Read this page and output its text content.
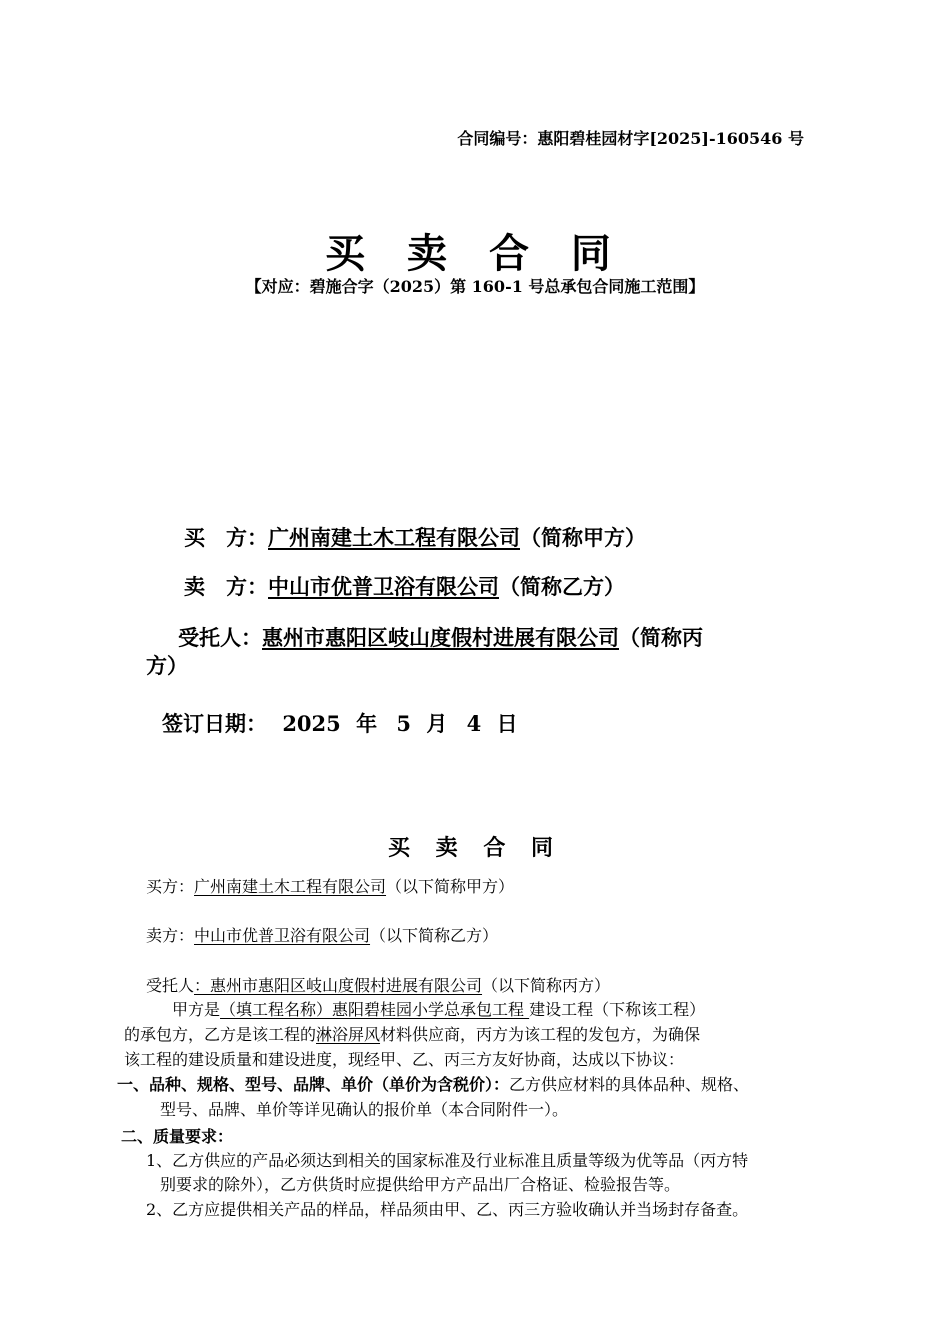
合同编号：惠阳碧桂园材字[2025]-160546 号
买 卖 合 同
【对应：碧施合字（2025）第 160-1 号总承包合同施工范围】
买　方：广州南建土木工程有限公司（简称甲方）
卖　方：中山市优普卫浴有限公司（简称乙方）
受托人：惠州市惠阳区岐山度假村进展有限公司（简称丙
方）
签订日期： 2025 年 5 月 4 日
买 卖 合 同
买方：广州南建土木工程有限公司（以下简称甲方）
卖方：中山市优普卫浴有限公司（以下简称乙方）
受托人：惠州市惠阳区岐山度假村进展有限公司（以下简称丙方）
甲方是（填工程名称）惠阳碧桂园小学总承包工程 建设工程（下称该工程）
的承包方，乙方是该工程的淋浴屏风材料供应商，丙方为该工程的发包方，为确保
该工程的建设质量和建设进度，现经甲、乙、丙三方友好协商，达成以下协议：
一、品种、规格、型号、品牌、单价（单价为含税价）：乙方供应材料的具体品种、规格、
型号、品牌、单价等详见确认的报价单（本合同附件一）。
二、质量要求：
1、乙方供应的产品必须达到相关的国家标准及行业标准且质量等级为优等品（丙方特
别要求的除外），乙方供货时应提供给甲方产品出厂合格证、检验报告等。
2、乙方应提供相关产品的样品，样品须由甲、乙、丙三方验收确认并当场封存备查。
